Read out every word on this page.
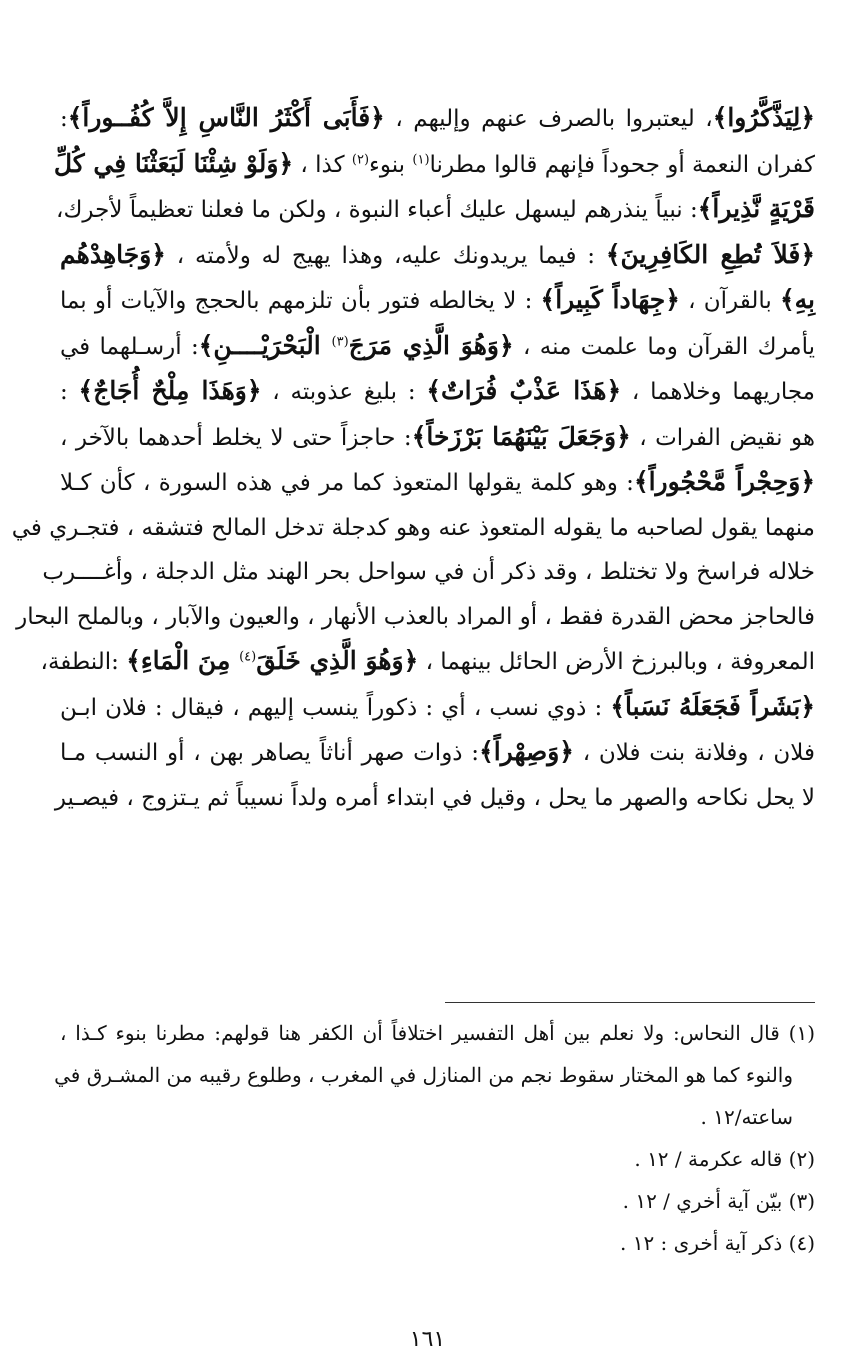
﴿لِيَذَّكَّرُوا﴾، ليعتبروا بالصرف عنهم وإليهم ، ﴿فَأَبَى أَكْثَرُ النَّاسِ إِلاَّ كُفُــوراً﴾:
كفران النعمة أو جحوداً فإنهم قالوا مطرنا$^{(١)}$ بنوء$^{(٢)}$ كذا ، ﴿وَلَوْ شِئْنَا لَبَعَثْنَا فِي كُلِّ
قَرْيَةٍ نَّذِيراً﴾: نبياً ينذرهم ليسهل عليك أعباء النبوة ، ولكن ما فعلنا تعظيماً لأجرك،
﴿فَلاَ تُطِعِ الكَافِرِينَ﴾ : فيما يريدونك عليه، وهذا يهيج له ولأمته ، ﴿وَجَاهِدْهُم
بِهِ﴾ بالقرآن ، ﴿جِهَاداً كَبِيراً﴾ : لا يخالطه فتور بأن تلزمهم بالحجج والآيات أو بما
يأمرك القرآن وما علمت منه ، ﴿وَهُوَ الَّذِي مَرَجَ$^{(٣)}$ الْبَحْرَيْــــنِ﴾: أرسـلهما في
مجاريهما وخلاهما ، ﴿هَذَا عَذْبٌ فُرَاتٌ﴾ : بليغ عذوبته ، ﴿وَهَذَا مِلْحٌ أُجَاجٌ﴾ :
هو نقيض الفرات ، ﴿وَجَعَلَ بَيْنَهُمَا بَرْزَخاً﴾: حاجزاً حتى لا يخلط أحدهما بالآخر ،
﴿وَحِجْراً مَّحْجُوراً﴾: وهو كلمة يقولها المتعوذ كما مر في هذه السورة ، كأن كـلا
منهما يقول لصاحبه ما يقوله المتعوذ عنه وهو كدجلة تدخل المالح فتشقه ، فتجـري في
خلاله فراسخ ولا تختلط ، وقد ذكر أن في سواحل بحر الهند مثل الدجلة ، وأغــــرب
فالحاجز محض القدرة فقط ، أو المراد بالعذب الأنهار ، والعيون والآبار ، وبالملح البحار
المعروفة ، وبالبرزخ الأرض الحائل بينهما ، ﴿وَهُوَ الَّذِي خَلَقَ$^{(٤)}$ مِنَ الْمَاءِ﴾ :النطفة،
﴿بَشَراً فَجَعَلَهُ نَسَباً﴾ : ذوي نسب ، أي : ذكوراً ينسب إليهم ، فيقال : فلان ابـن
فلان ، وفلانة بنت فلان ، ﴿وَصِهْراً﴾: ذوات صهر أناثاً يصاهر بهن ، أو النسب مـا
لا يحل نكاحه والصهر ما يحل ، وقيل في ابتداء أمره ولداً نسيباً ثم يـتزوج ، فيصـير
(١) قال النحاس: ولا نعلم بين أهل التفسير اختلافاً أن الكفر هنا قولهم: مطرنا بنوء كـذا ،
والنوء كما هو المختار سقوط نجم من المنازل في المغرب ، وطلوع رقيبه من المشـرق في
ساعته/١٢ .
(٢) قاله عكرمة / ١٢ .
(٣) بيّن آية أخري / ١٢ .
(٤) ذكر آية أخرى : ١٢ .
١٦١
